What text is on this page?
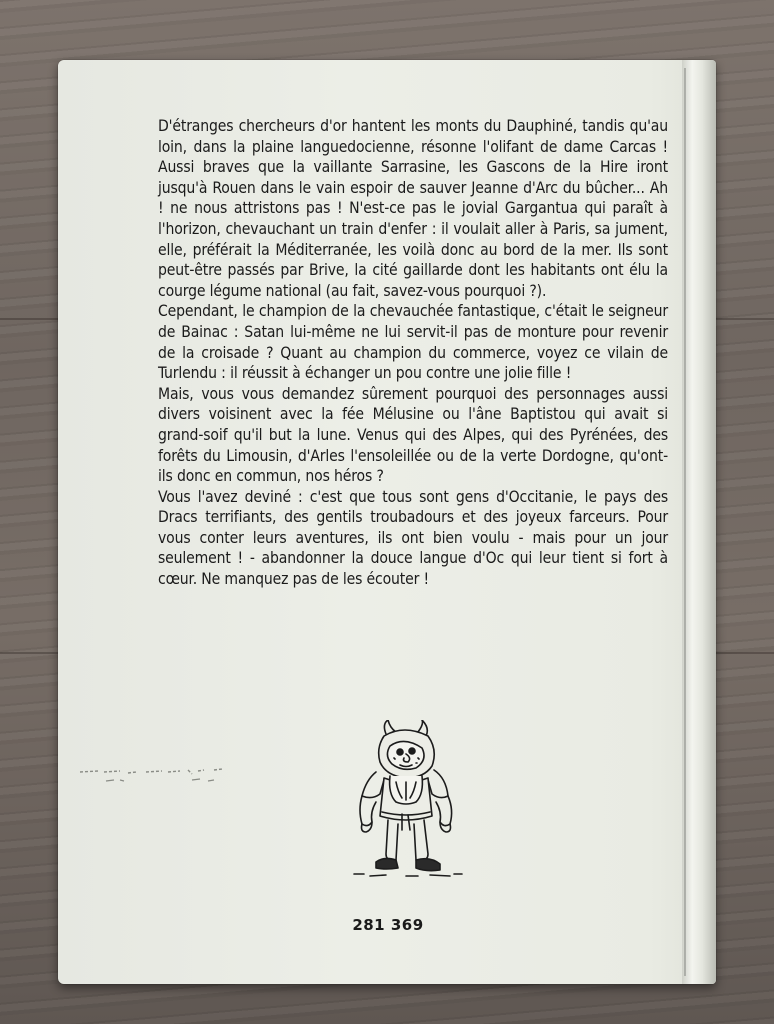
D'étranges chercheurs d'or hantent les monts du Dauphiné, tandis qu'au loin, dans la plaine languedocienne, résonne l'olifant de dame Carcas ! Aussi braves que la vaillante Sarrasine, les Gascons de la Hire iront jusqu'à Rouen dans le vain espoir de sauver Jeanne d'Arc du bûcher... Ah ! ne nous attristons pas ! N'est-ce pas le jovial Gargantua qui paraît à l'horizon, chevauchant un train d'enfer : il voulait aller à Paris, sa jument, elle, préférait la Méditerranée, les voilà donc au bord de la mer. Ils sont peut-être passés par Brive, la cité gaillarde dont les habitants ont élu la courge légume national (au fait, savez-vous pourquoi ?).

Cependant, le champion de la chevauchée fantastique, c'était le seigneur de Bainac : Satan lui-même ne lui servit-il pas de monture pour revenir de la croisade ? Quant au champion du commerce, voyez ce vilain de Turlendu : il réussit à échanger un pou contre une jolie fille !

Mais, vous vous demandez sûrement pourquoi des personnages aussi divers voisinent avec la fée Mélusine ou l'âne Baptistou qui avait si grand-soif qu'il but la lune. Venus qui des Alpes, qui des Pyrénées, des forêts du Limousin, d'Arles l'ensoleillée ou de la verte Dordogne, qu'ont-ils donc en commun, nos héros ?

Vous l'avez deviné : c'est que tous sont gens d'Occitanie, le pays des Dracs terrifiants, des gentils troubadours et des joyeux farceurs. Pour vous conter leurs aventures, ils ont bien voulu - mais pour un jour seulement ! - abandonner la douce langue d'Oc qui leur tient si fort à cœur. Ne manquez pas de les écouter !

281 369
